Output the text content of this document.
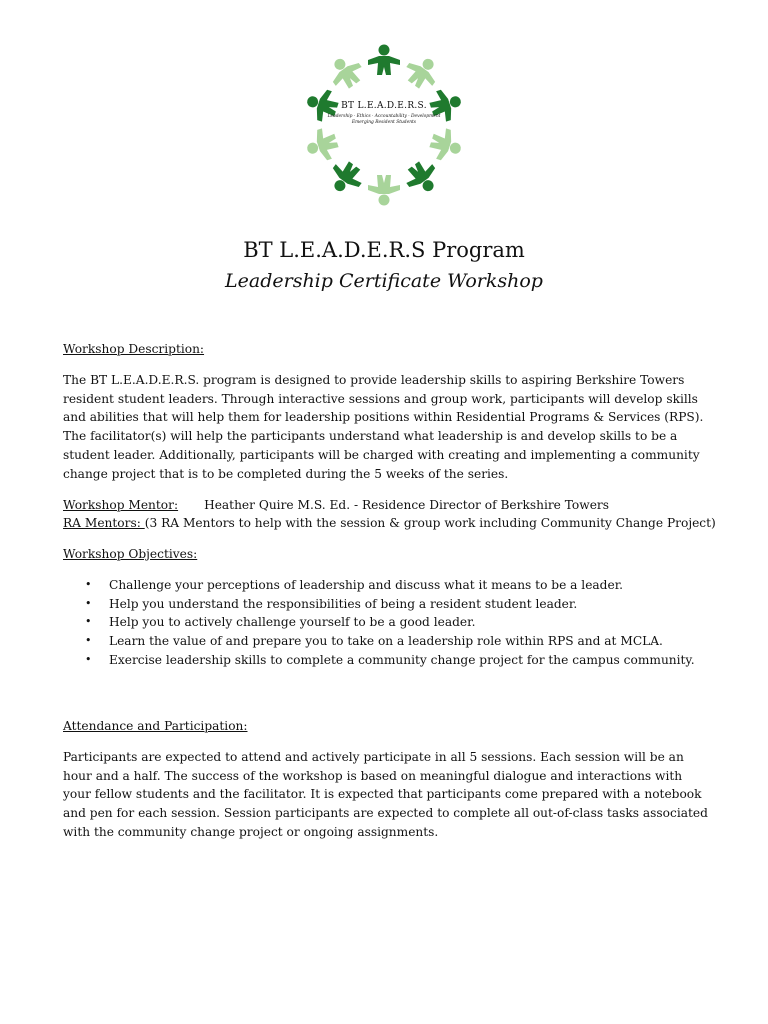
BT L.E.A.D.E.R.S.
Leadership · Ethics · Accountability · Development
Emerging Resident Students
BT L.E.A.D.E.R.S Program
Leadership Certificate Workshop
Workshop Description:

The BT L.E.A.D.E.R.S. program is designed to provide leadership skills to aspiring Berkshire Towers resident student leaders. Through interactive sessions and group work, participants will develop skills and abilities that will help them for leadership positions within Residential Programs & Services (RPS). The facilitator(s) will help the participants understand what leadership is and develop skills to be a student leader. Additionally, participants will be charged with creating and implementing a community change project that is to be completed during the 5 weeks of the series.

Workshop Mentor: Heather Quire M.S. Ed. - Residence Director of Berkshire Towers
RA Mentors: (3 RA Mentors to help with the session & group work including Community Change Project)
Workshop Objectives:
• Challenge your perceptions of leadership and discuss what it means to be a leader.
• Help you understand the responsibilities of being a resident student leader.
• Help you to actively challenge yourself to be a good leader.
• Learn the value of and prepare you to take on a leadership role within RPS and at MCLA.
• Exercise leadership skills to complete a community change project for the campus community.
Attendance and Participation:

Participants are expected to attend and actively participate in all 5 sessions. Each session will be an hour and a half. The success of the workshop is based on meaningful dialogue and interactions with your fellow students and the facilitator. It is expected that participants come prepared with a notebook and pen for each session. Session participants are expected to complete all out-of-class tasks associated with the community change project or ongoing assignments.
